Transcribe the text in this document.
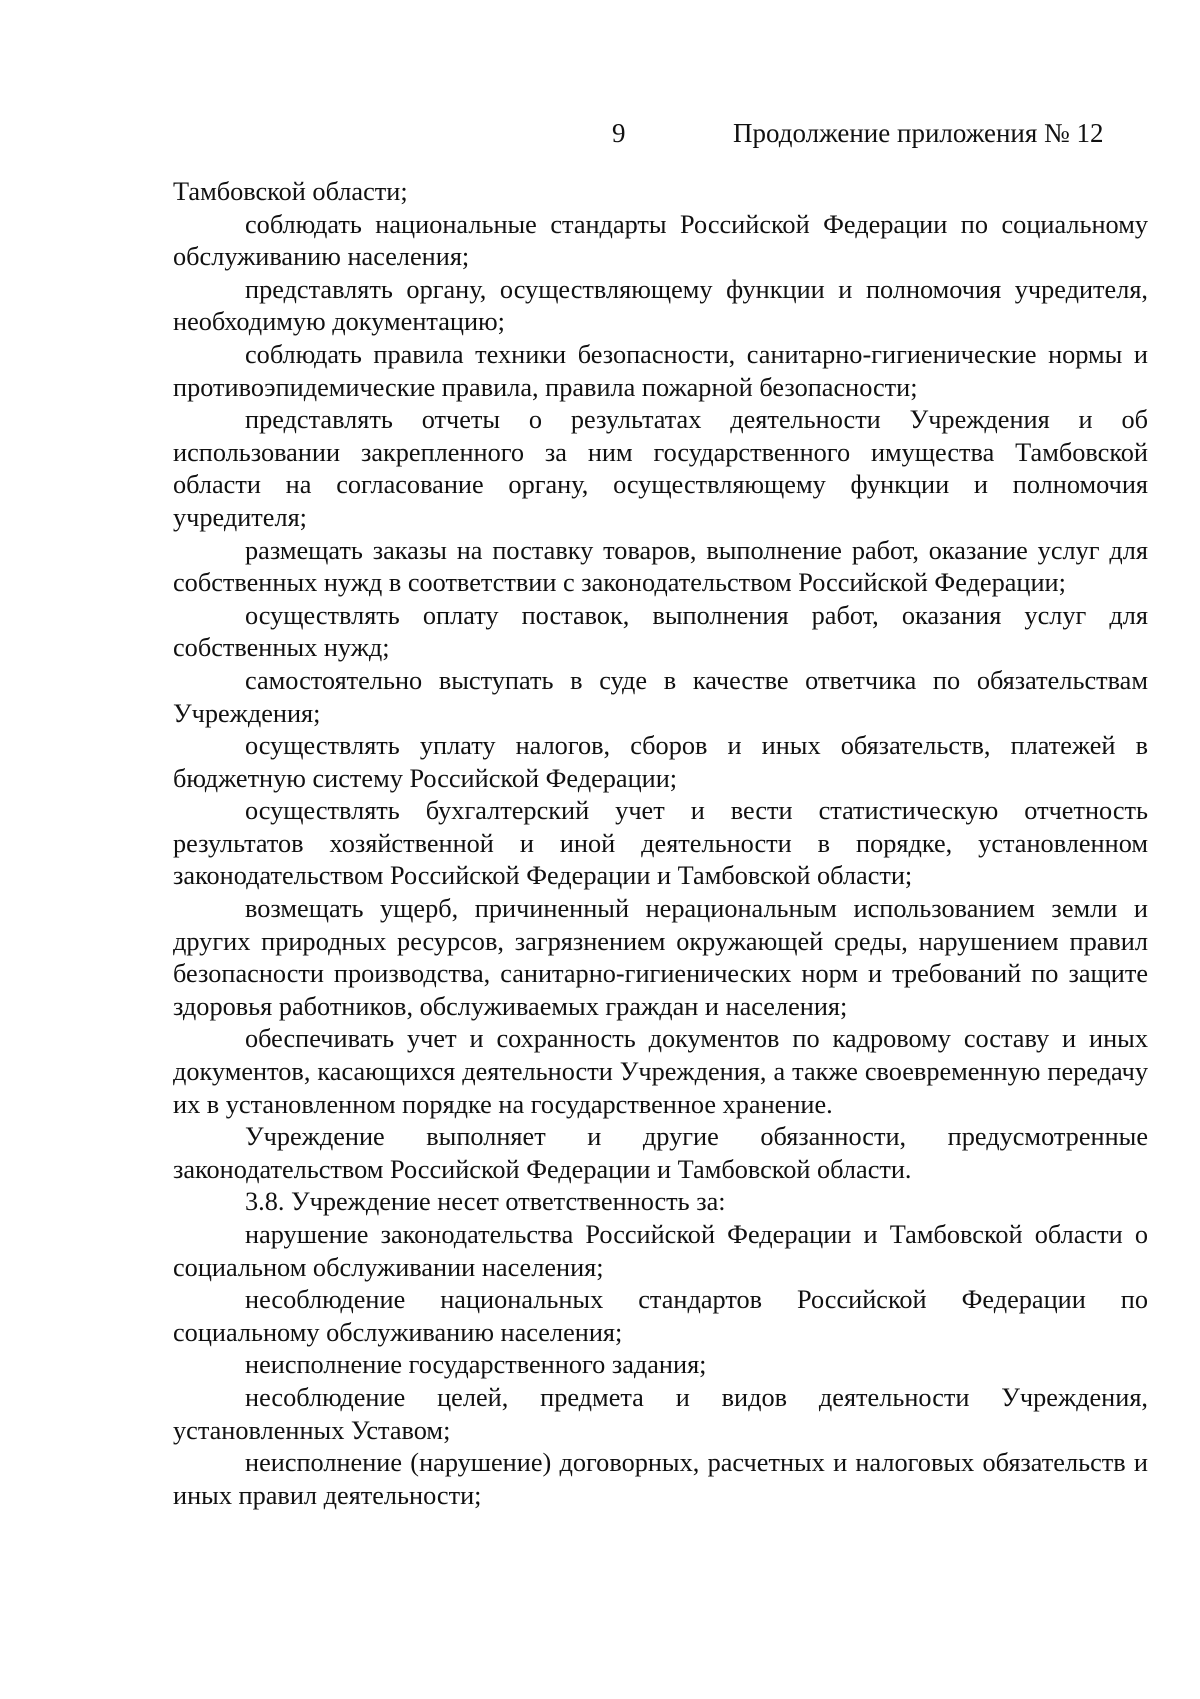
9	Продолжение приложения № 12

Тамбовской области;

соблюдать национальные стандарты Российской Федерации по социальному обслуживанию населения;

представлять органу, осуществляющему функции и полномочия учредителя, необходимую документацию;

соблюдать правила техники безопасности, санитарно-гигиенические нормы и противоэпидемические правила, правила пожарной безопасности;

представлять отчеты о результатах деятельности Учреждения и об использовании закрепленного за ним государственного имущества Тамбовской области на согласование органу, осуществляющему функции и полномочия учредителя;

размещать заказы на поставку товаров, выполнение работ, оказание услуг для собственных нужд в соответствии с законодательством Российской Федерации;

осуществлять оплату поставок, выполнения работ, оказания услуг для собственных нужд;

самостоятельно выступать в суде в качестве ответчика по обязательствам Учреждения;

осуществлять уплату налогов, сборов и иных обязательств, платежей в бюджетную систему Российской Федерации;

осуществлять бухгалтерский учет и вести статистическую отчетность результатов хозяйственной и иной деятельности в порядке, установленном законодательством Российской Федерации и Тамбовской области;

возмещать ущерб, причиненный нерациональным использованием земли и других природных ресурсов, загрязнением окружающей среды, нарушением правил безопасности производства, санитарно-гигиенических норм и требований по защите здоровья работников, обслуживаемых граждан и населения;

обеспечивать учет и сохранность документов по кадровому составу и иных документов, касающихся деятельности Учреждения, а также своевременную передачу их в установленном порядке на государственное хранение.

Учреждение выполняет и другие обязанности, предусмотренные законодательством Российской Федерации и Тамбовской области.

3.8. Учреждение несет ответственность за:

нарушение законодательства Российской Федерации и Тамбовской области о социальном обслуживании населения;

несоблюдение национальных стандартов Российской Федерации по социальному обслуживанию населения;

неисполнение государственного задания;

несоблюдение целей, предмета и видов деятельности Учреждения, установленных Уставом;

неисполнение (нарушение) договорных, расчетных и налоговых обязательств и иных правил деятельности;
